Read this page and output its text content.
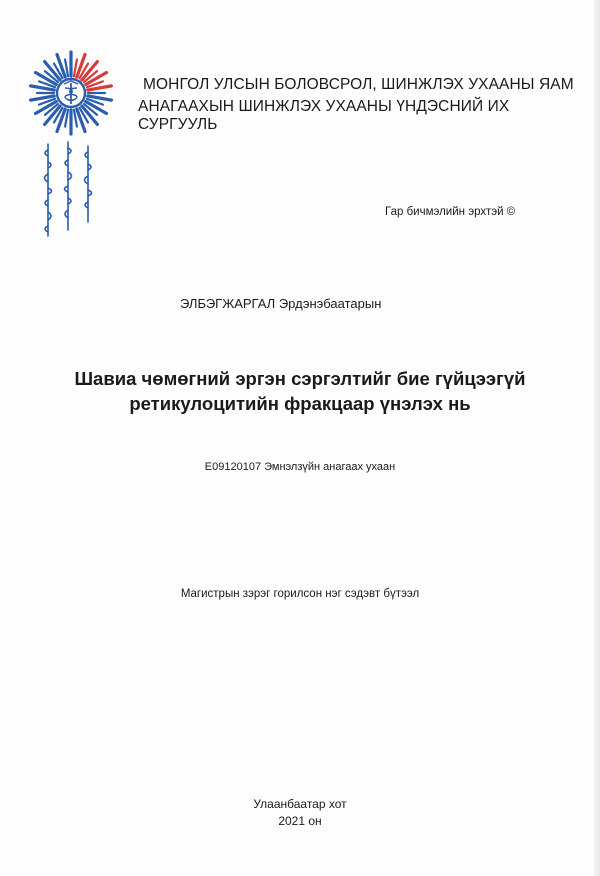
МОНГОЛ УЛСЫН БОЛОВСРОЛ, ШИНЖЛЭХ УХААНЫ ЯАМ
АНАГААХЫН ШИНЖЛЭХ УХААНЫ ҮНДЭСНИЙ ИХ СУРГУУЛЬ
Гар бичмэлийн эрхтэй ©
ЭЛБЭГЖАРГАЛ Эрдэнэбаатарын
Шавиа чөмөгний эргэн сэргэлтийг бие гүйцээгүй
ретикулоцитийн фракцаар үнэлэх нь
E09120107 Эмнэлзүйн анагаах ухаан
Магистрын зэрэг горилсон нэг сэдэвт бүтээл
Улаанбаатар хот
2021 он
